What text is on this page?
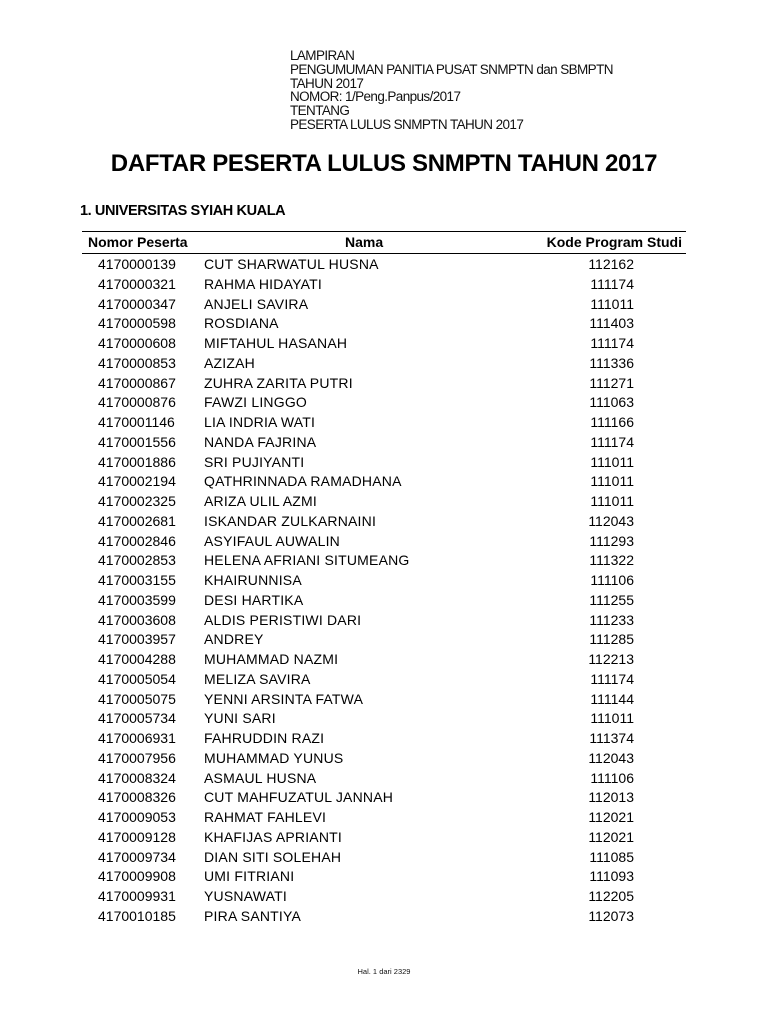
LAMPIRAN
PENGUMUMAN PANITIA PUSAT SNMPTN dan SBMPTN
TAHUN 2017
NOMOR: 1/Peng.Panpus/2017
TENTANG
PESERTA LULUS SNMPTN TAHUN 2017
DAFTAR PESERTA LULUS SNMPTN TAHUN 2017
1. UNIVERSITAS SYIAH KUALA
Nomor Peserta	Nama	Kode Program Studi
4170000139 CUT SHARWATUL HUSNA	112162
4170000321 RAHMA HIDAYATI	111174
4170000347 ANJELI SAVIRA	111011
4170000598 ROSDIANA	111403
4170000608 MIFTAHUL HASANAH	111174
4170000853 AZIZAH	111336
4170000867 ZUHRA ZARITA PUTRI	111271
4170000876 FAWZI LINGGO	111063
4170001146 LIA INDRIA WATI	111166
4170001556 NANDA FAJRINA	111174
4170001886 SRI PUJIYANTI	111011
4170002194 QATHRINNADA RAMADHANA	111011
4170002325 ARIZA ULIL AZMI	111011
4170002681 ISKANDAR ZULKARNAINI	112043
4170002846 ASYIFAUL AUWALIN	111293
4170002853 HELENA AFRIANI SITUMEANG	111322
4170003155 KHAIRUNNISA	111106
4170003599 DESI HARTIKA	111255
4170003608 ALDIS PERISTIWI DARI	111233
4170003957 ANDREY	111285
4170004288 MUHAMMAD NAZMI	112213
4170005054 MELIZA SAVIRA	111174
4170005075 YENNI ARSINTA FATWA	111144
4170005734 YUNI SARI	111011
4170006931 FAHRUDDIN RAZI	111374
4170007956 MUHAMMAD YUNUS	112043
4170008324 ASMAUL HUSNA	111106
4170008326 CUT MAHFUZATUL JANNAH	112013
4170009053 RAHMAT FAHLEVI	112021
4170009128 KHAFIJAS APRIANTI	112021
4170009734 DIAN SITI SOLEHAH	111085
4170009908 UMI FITRIANI	111093
4170009931 YUSNAWATI	112205
4170010185 PIRA SANTIYA	112073
Hal. 1 dari 2329
